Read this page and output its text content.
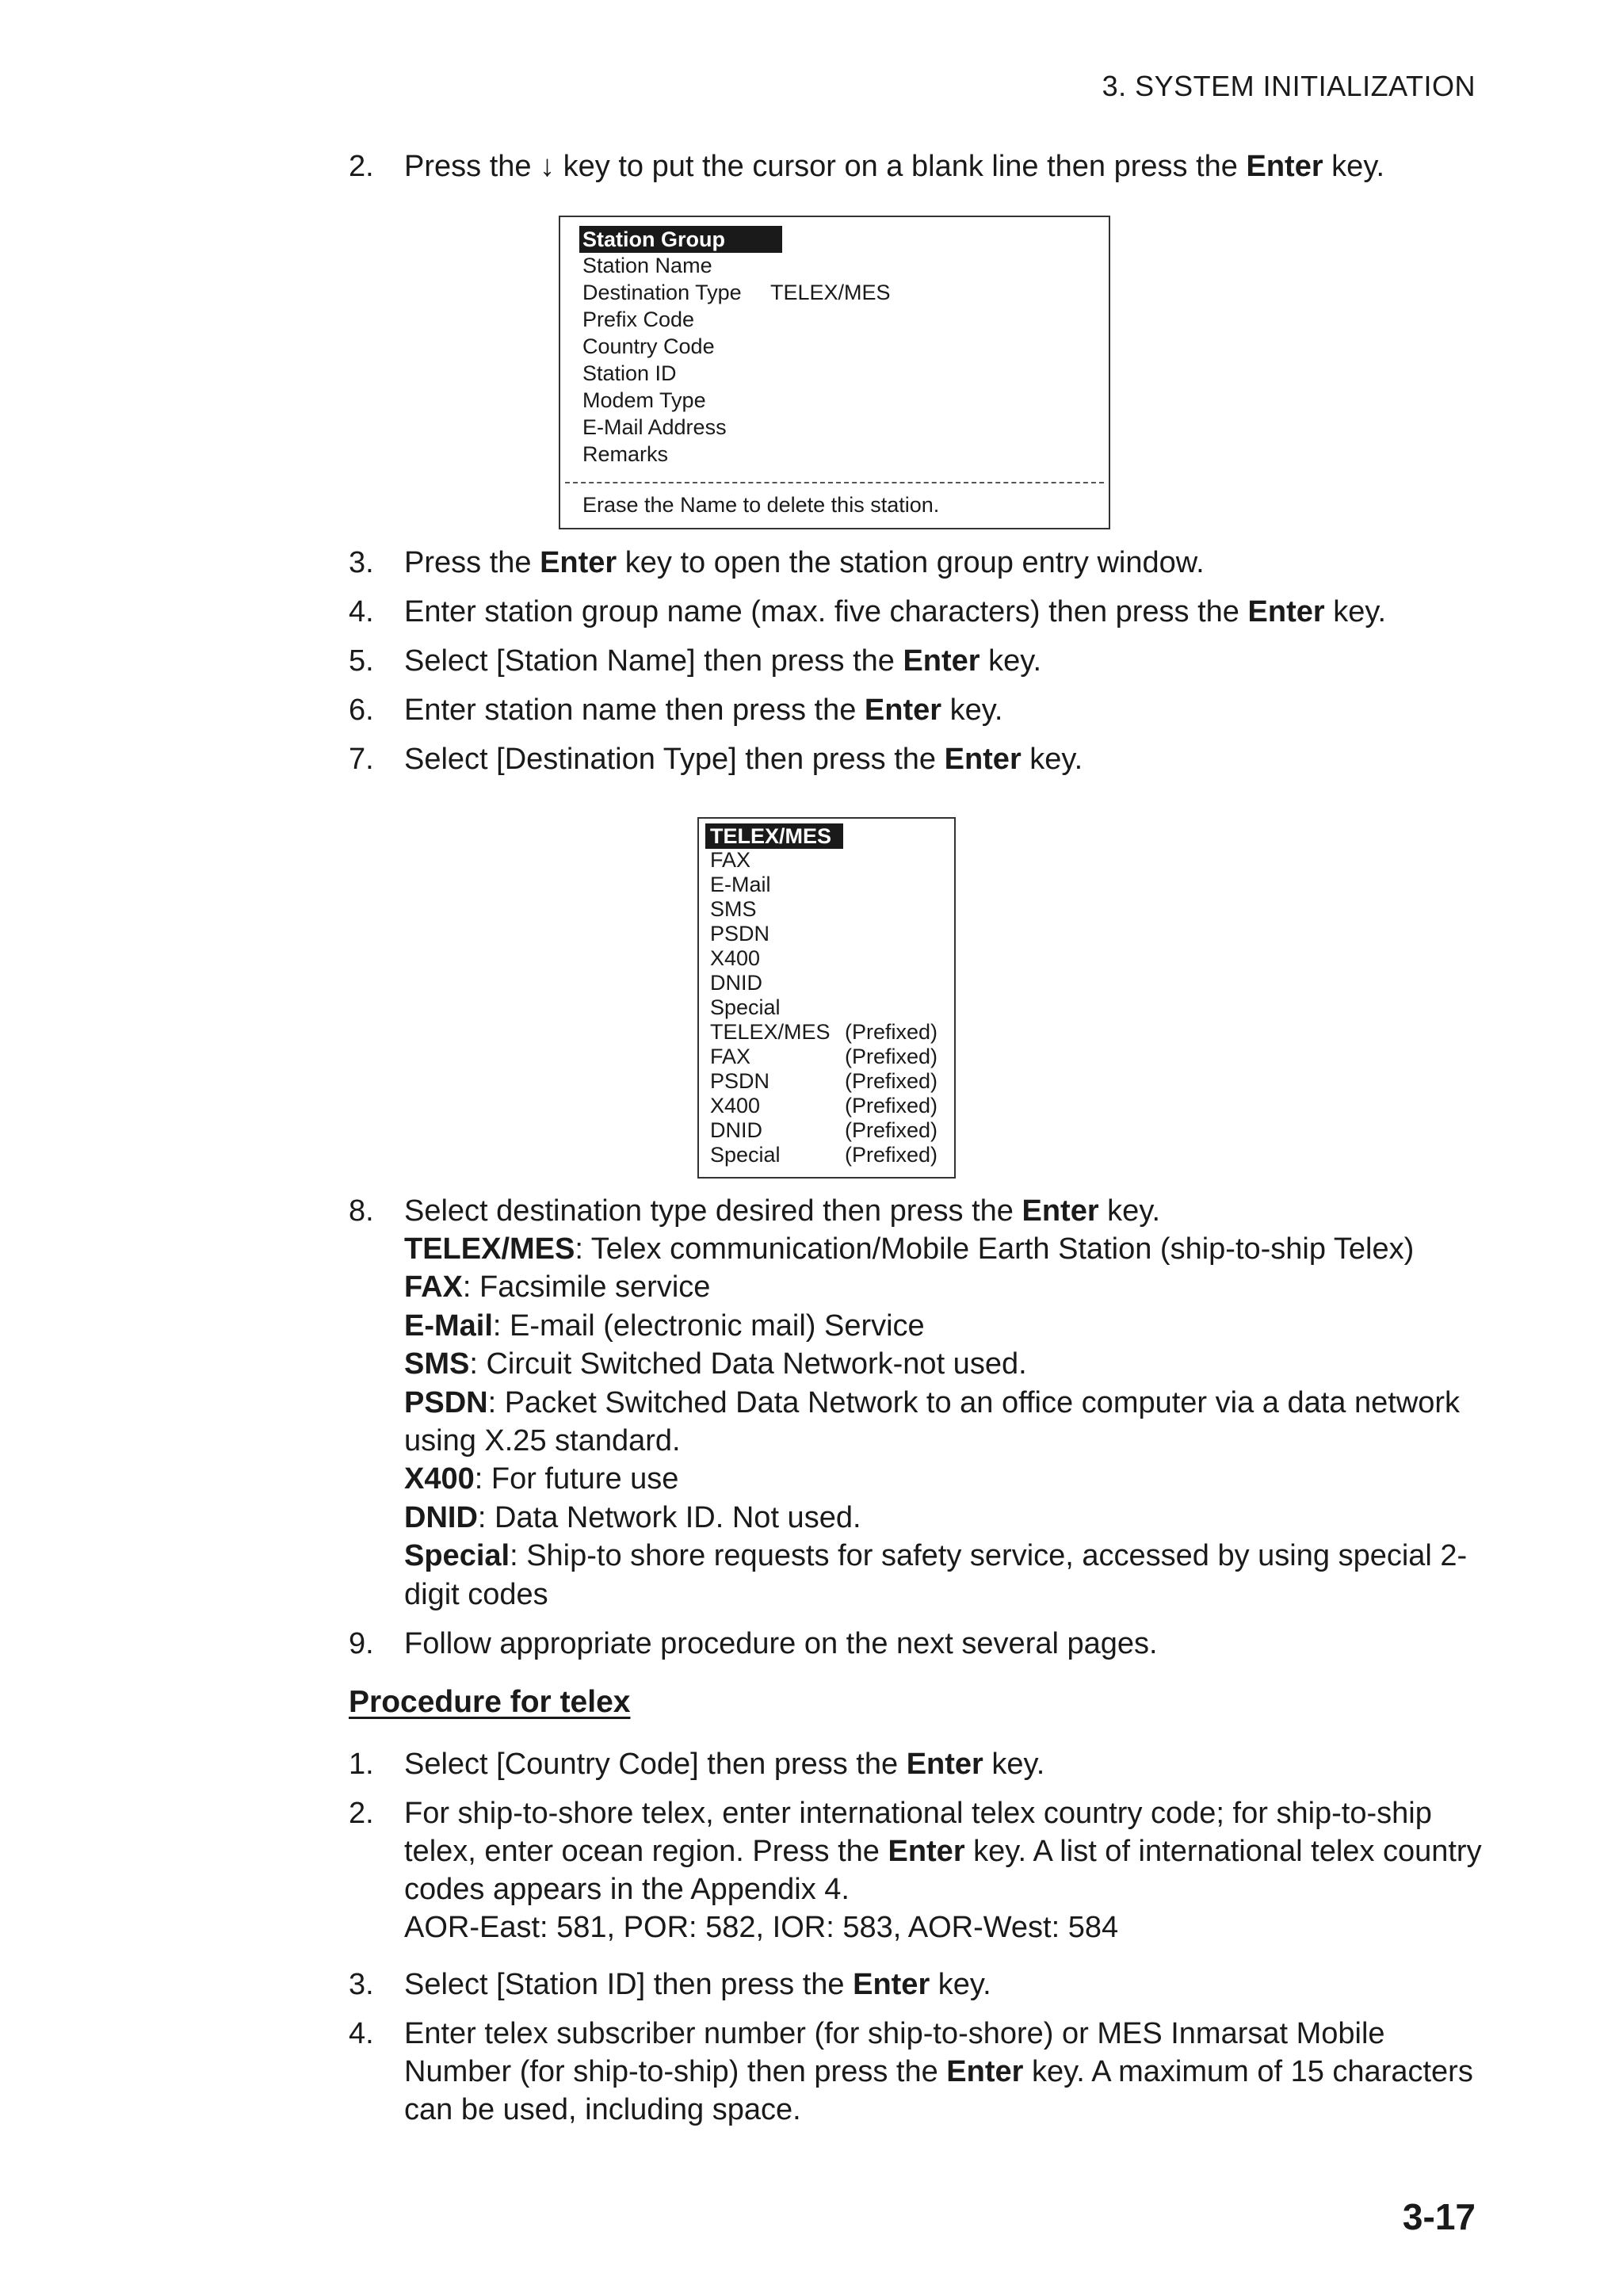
3. SYSTEM INITIALIZATION
2. Press the ↓ key to put the cursor on a blank line then press the Enter key.
Station Group
Station Name
Destination Type TELEX/MES
Prefix Code
Country Code
Station ID
Modem Type
E-Mail Address
Remarks
Erase the Name to delete this station.
3. Press the Enter key to open the station group entry window.
4. Enter station group name (max. five characters) then press the Enter key.
5. Select [Station Name] then press the Enter key.
6. Enter station name then press the Enter key.
7. Select [Destination Type] then press the Enter key.
TELEX/MES
FAX
E-Mail
SMS
PSDN
X400
DNID
Special
TELEX/MES (Prefixed)
FAX	(Prefixed)
PSDN	(Prefixed)
X400	(Prefixed)
DNID	(Prefixed)
Special	(Prefixed)
8. Select destination type desired then press the Enter key.
TELEX/MES: Telex communication/Mobile Earth Station (ship-to-ship Telex)
FAX: Facsimile service
E-Mail: E-mail (electronic mail) Service
SMS: Circuit Switched Data Network-not used.
PSDN: Packet Switched Data Network to an office computer via a data network using X.25 standard.
X400: For future use
DNID: Data Network ID. Not used.
Special: Ship-to shore requests for safety service, accessed by using special 2-digit codes
9. Follow appropriate procedure on the next several pages.
Procedure for telex
1. Select [Country Code] then press the Enter key.
2. For ship-to-shore telex, enter international telex country code; for ship-to-ship telex, enter ocean region. Press the Enter key. A list of international telex country codes appears in the Appendix 4.
AOR-East: 581, POR: 582, IOR: 583, AOR-West: 584
3. Select [Station ID] then press the Enter key.
4. Enter telex subscriber number (for ship-to-shore) or MES Inmarsat Mobile Number (for ship-to-ship) then press the Enter key. A maximum of 15 characters can be used, including space.
3-17
